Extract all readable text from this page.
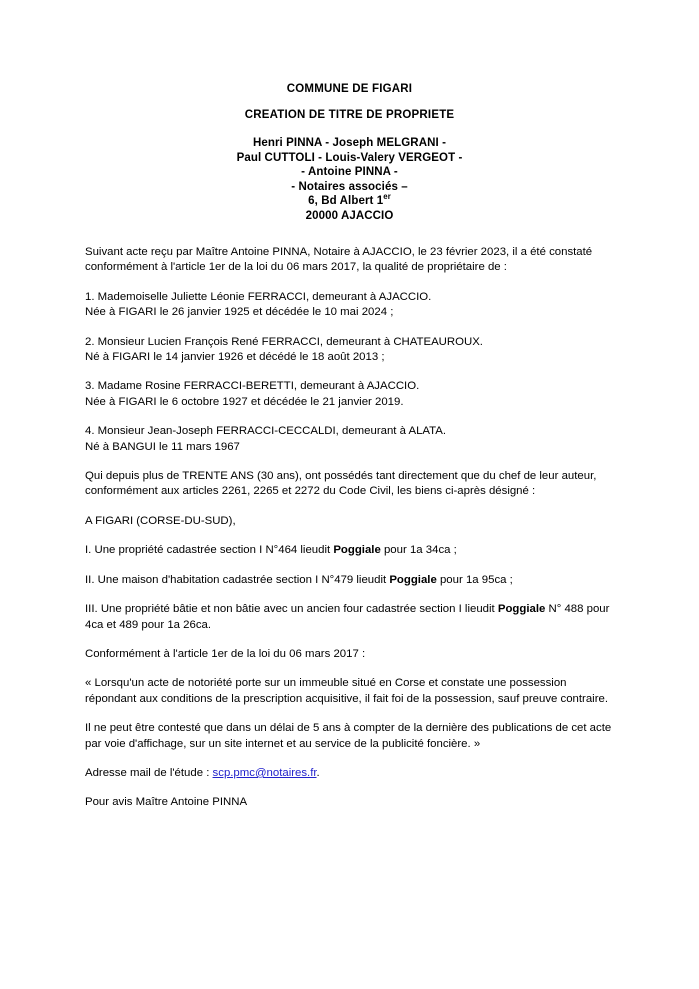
COMMUNE DE FIGARI
CREATION DE TITRE DE PROPRIETE
Henri PINNA - Joseph MELGRANI -
Paul CUTTOLI - Louis-Valery VERGEOT -
- Antoine PINNA -
- Notaires associés –
6, Bd Albert 1er
20000 AJACCIO

Suivant acte reçu par Maître Antoine PINNA, Notaire à AJACCIO, le 23 février 2023, il a été constaté conformément à l'article 1er de la loi du 06 mars 2017, la qualité de propriétaire de :

1. Mademoiselle Juliette Léonie FERRACCI, demeurant à AJACCIO.
Née à FIGARI le 26 janvier 1925 et décédée le 10 mai 2024 ;

2. Monsieur Lucien François René FERRACCI, demeurant à CHATEAUROUX.
Né à FIGARI le 14 janvier 1926 et décédé le 18 août 2013 ;

3. Madame Rosine FERRACCI-BERETTI, demeurant à AJACCIO.
Née à FIGARI le 6 octobre 1927 et décédée le 21 janvier 2019.

4. Monsieur Jean-Joseph FERRACCI-CECCALDI, demeurant à ALATA.
Né à BANGUI le 11 mars 1967

Qui depuis plus de TRENTE ANS (30 ans), ont possédés tant directement que du chef de leur auteur, conformément aux articles 2261, 2265 et 2272 du Code Civil, les biens ci-après désigné :

A FIGARI (CORSE-DU-SUD),

I. Une propriété cadastrée section I N°464 lieudit Poggiale pour 1a 34ca ;

II. Une maison d'habitation cadastrée section I N°479 lieudit Poggiale pour 1a 95ca ;

III. Une propriété bâtie et non bâtie avec un ancien four cadastrée section I lieudit Poggiale N° 488 pour 4ca et 489 pour 1a 26ca.

Conformément à l'article 1er de la loi du 06 mars 2017 :

« Lorsqu'un acte de notoriété porte sur un immeuble situé en Corse et constate une possession répondant aux conditions de la prescription acquisitive, il fait foi de la possession, sauf preuve contraire.

Il ne peut être contesté que dans un délai de 5 ans à compter de la dernière des publications de cet acte par voie d'affichage, sur un site internet et au service de la publicité foncière. »

Adresse mail de l'étude : scp.pmc@notaires.fr.

Pour avis Maître Antoine PINNA
